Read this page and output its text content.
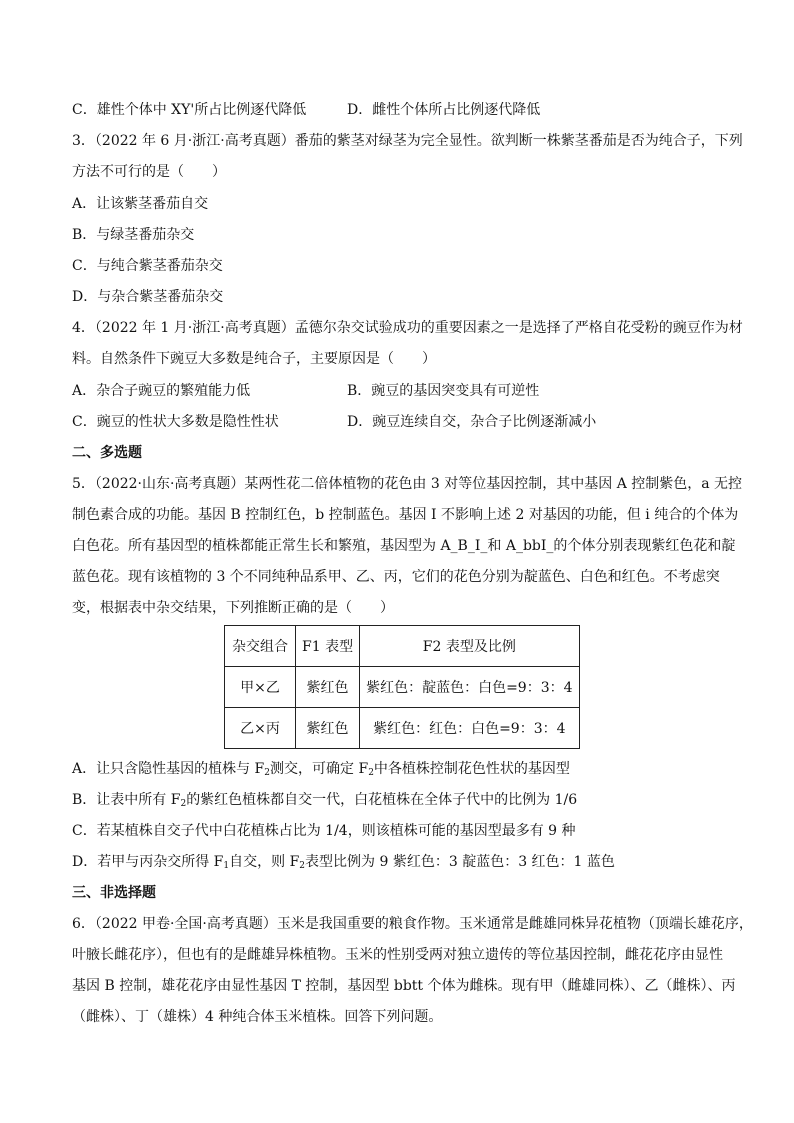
C．雄性个体中 XY'所占比例逐代降低	D．雌性个体所占比例逐代降低
3．（2022 年 6 月·浙江·高考真题）番茄的紫茎对绿茎为完全显性。欲判断一株紫茎番茄是否为纯合子，下列
方法不可行的是（　　）
A．让该紫茎番茄自交
B．与绿茎番茄杂交
C．与纯合紫茎番茄杂交
D．与杂合紫茎番茄杂交
4．（2022 年 1 月·浙江·高考真题）孟德尔杂交试验成功的重要因素之一是选择了严格自花受粉的豌豆作为材
料。自然条件下豌豆大多数是纯合子，主要原因是（　　）
A．杂合子豌豆的繁殖能力低	B．豌豆的基因突变具有可逆性
C．豌豆的性状大多数是隐性性状	D．豌豆连续自交，杂合子比例逐渐减小
二、多选题
5．（2022·山东·高考真题）某两性花二倍体植物的花色由 3 对等位基因控制，其中基因 A 控制紫色，a 无控
制色素合成的功能。基因 B 控制红色，b 控制蓝色。基因 I 不影响上述 2 对基因的功能，但 i 纯合的个体为
白色花。所有基因型的植株都能正常生长和繁殖，基因型为 A_B_I_和 A_bbI_的个体分别表现紫红色花和靛
蓝色花。现有该植物的 3 个不同纯种品系甲、乙、丙，它们的花色分别为靛蓝色、白色和红色。不考虑突
变，根据表中杂交结果，下列推断正确的是（　　）
杂交组合	F1 表型	F2 表型及比例
甲×乙	紫红色	紫红色：靛蓝色：白色=9：3：4
乙×丙	紫红色	紫红色：红色：白色=9：3：4
A．让只含隐性基因的植株与 $F_2$测交，可确定 $F_2$中各植株控制花色性状的基因型
B．让表中所有 $F_2$的紫红色植株都自交一代，白花植株在全体子代中的比例为 1/6
C．若某植株自交子代中白花植株占比为 1/4，则该植株可能的基因型最多有 9 种
D．若甲与丙杂交所得 $F_1$自交，则 $F_2$表型比例为 9 紫红色：3 靛蓝色：3 红色：1 蓝色
三、非选择题
6．（2022 甲卷·全国·高考真题）玉米是我国重要的粮食作物。玉米通常是雌雄同株异花植物（顶端长雄花序，
叶腋长雌花序），但也有的是雌雄异株植物。玉米的性别受两对独立遗传的等位基因控制，雌花花序由显性
基因 B 控制，雄花花序由显性基因 T 控制，基因型 bbtt 个体为雌株。现有甲（雌雄同株）、乙（雌株）、丙
（雌株）、丁（雄株）4 种纯合体玉米植株。回答下列问题。
